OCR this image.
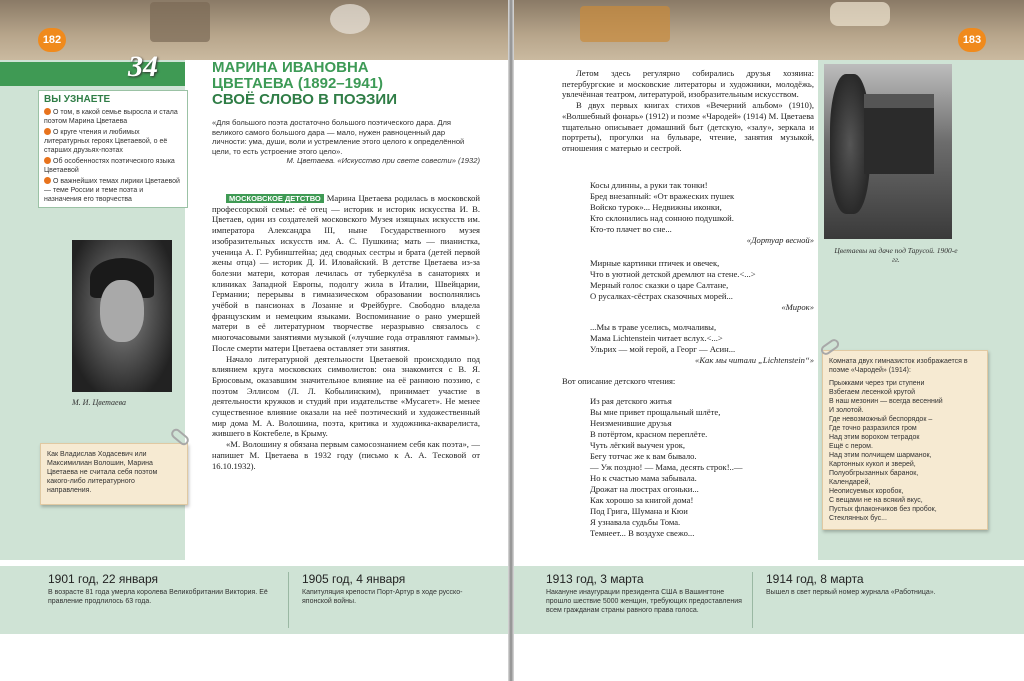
182	183
34
ВЫ УЗНАЕТЕ
О том, в какой семье выросла и стала поэтом Марина Цветаева
О круге чтения и любимых литературных героях Цветаевой, о её старших друзьях-поэтах
Об особенностях поэтического языка Цветаевой
О важнейших темах лирики Цветаевой — теме России и теме поэта и назначения его творчества
М. И. Цветаева
Как Владислав Ходасевич или Максимилиан Волошин, Марина Цветаева не считала себя поэтом какого-либо литературного направления.
МАРИНА ИВАНОВНА
ЦВЕТАЕВА (1892–1941)
СВОЁ СЛОВО В ПОЭЗИИ
«Для большого поэта достаточно большого поэтического дара. Для великого самого большого дара — мало, нужен равноценный дар личности: ума, души, воли и устремление этого целого к определённой цели, то есть устроение этого цело».
М. Цветаева. «Искусство при свете совести» (1932)

МОСКОВСКОЕ ДЕТСТВО Марина Цветаева родилась в московской профессорской семье: её отец — историк и историк искусства И. В. Цветаев, один из создателей московского Музея изящных искусств им. императора Александра III, ныне Государственного музея изобразительных искусств им. А. С. Пушкина; мать — пианистка, ученица А. Г. Рубинштейна; дед сводных сестры и брата (детей первой жены отца) — историк Д. И. Иловайский. В детстве Цветаева из-за болезни матери, которая лечилась от туберкулёза в санаториях и клиниках Западной Европы, подолгу жила в Италии, Швейцарии, Германии; перерывы в гимназическом образовании восполнялись учёбой в пансионах в Лозанне и Фрейбурге. Свободно владела французским и немецким языками. Воспоминание о рано умершей матери в её литературном творчестве неразрывно связалось с многочасовыми занятиями музыкой («лучшие года отравляют гаммы»). После смерти матери Цветаева оставляет эти занятия.

Начало литературной деятельности Цветаевой происходило под влиянием круга московских символистов: она знакомится с В. Я. Брюсовым, оказавшим значительное влияние на её раннюю поэзию, с поэтом Эллисом (Л. Л. Кобылинским), принимает участие в деятельности кружков и студий при издательстве «Мусагет». Не менее существенное влияние оказали на неё поэтический и художественный мир дома М. А. Волошина, поэта, критика и художника-акварелиста, жившего в Коктебеле, в Крыму.

«М. Волошину я обязана первым самосознанием себя как поэта», — напишет М. Цветаева в 1932 году (письмо к А. А. Тесковой от 16.10.1932).

Летом здесь регулярно собирались друзья хозяина: петербургские и московские литераторы и художники, молодёжь, увлечённая театром, литературой, изобразительным искусством.

В двух первых книгах стихов «Вечерний альбом» (1910), «Волшебный фонарь» (1912) и поэме «Чародей» (1914) М. Цветаева тщательно описывает домашний быт (детскую, «залу», зеркала и портреты), прогулки на бульваре, чтение, занятия музыкой, отношения с матерью и сестрой.

Косы длинны, а руки так тонки!
Бред внезапный: «От вражеских пушек
Войско турок»... Недвижны иконки,
Кто склонились над сонною подушкой.
Кто-то плачет во сне...
«Дортуар весной»
Мирные картинки птичек и овечек,
Что в уютной детской дремлют на стене.<...>
Мерный голос сказки о царе Салтане,
О русалках-сёстрах сказочных морей...
«Мирок»
...Мы в траве уселись, молчаливы,
Мама Lichtenstein читает вслух.<...>
Ульрих — мой герой, а Георг — Асин...
«Как мы читали „Lichtenstein“»
Вот описание детского чтения:
Из рая детского житья
Вы мне привет прощальный шлёте,
Неизменившие друзья
В потёртом, красном переплёте.
Чуть лёгкий выучен урок,
Бегу тотчас же к вам бывало.
— Уж поздно! — Мама, десять строк!..—
Но к счастью мама забывала.
Дрожат на люстрах огоньки...
Как хорошо за книгой дома!
Под Грига, Шумана и Кюи
Я узнавала судьбы Тома.
Темнеет... В воздухе свежо...
Цветаевы на даче под Тарусой. 1900-е гг.
Комната двух гимназисток изображается в поэме «Чародей» (1914):
Прыжками через три ступени
Взбегаем лесенкой крутой
В наш мезонин — всегда весенний
И золотой.
Где невозможный беспорядок –
Где точно разразился гром
Над этим ворохом тетрадок
Ещё с пером.
Над этим полчищем шарманок,
Картонных кукол и зверей,
Полуобгрызанных баранок,
Календарей,
Неописуемых коробок,
С вещами не на всякий вкус,
Пустых флакончиков без пробок,
Стеклянных бус...
1901 год, 22 января
В возрасте 81 года умерла королева Великобритании Виктория. Её правление продлилось 63 года.
1905 год, 4 января
Капитуляция крепости Порт-Артур в ходе русско-японской войны.
1913 год, 3 марта
Накануне инаугурации президента США в Вашингтоне прошло шествие 5000 женщин, требующих предоставления всем гражданам страны равного права голоса.
1914 год, 8 марта
Вышел в свет первый номер журнала «Работница».
